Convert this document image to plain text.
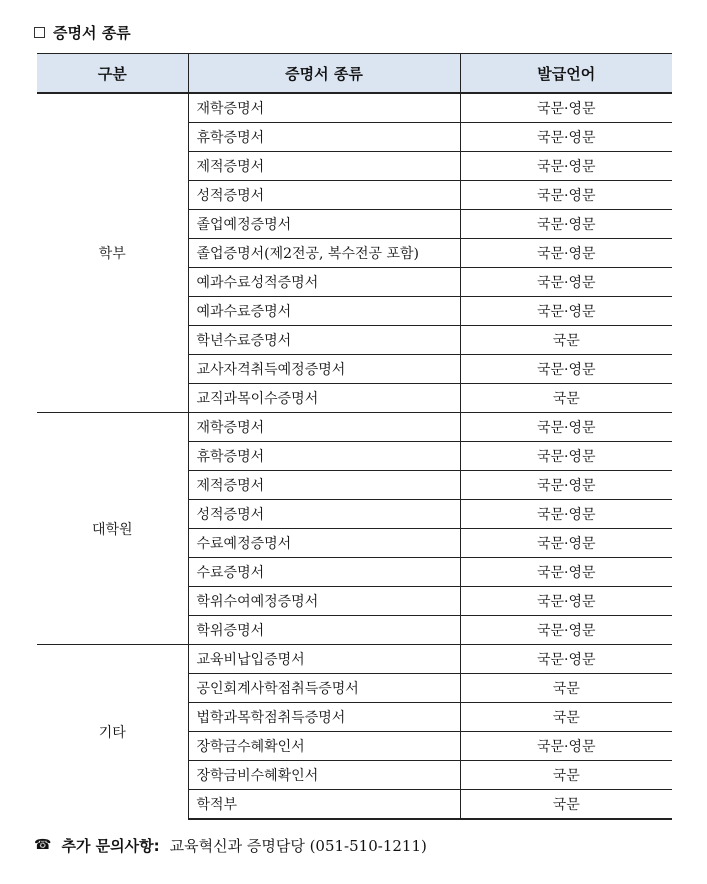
증명서 종류
구분	증명서 종류	발급언어
학부	재학증명서	국문·영문
	휴학증명서	국문·영문
	제적증명서	국문·영문
	성적증명서	국문·영문
	졸업예정증명서	국문·영문
	졸업증명서(제2전공, 복수전공 포함)	국문·영문
	예과수료성적증명서	국문·영문
	예과수료증명서	국문·영문
	학년수료증명서	국문
	교사자격취득예정증명서	국문·영문
	교직과목이수증명서	국문
대학원	재학증명서	국문·영문
	휴학증명서	국문·영문
	제적증명서	국문·영문
	성적증명서	국문·영문
	수료예정증명서	국문·영문
	수료증명서	국문·영문
	학위수여예정증명서	국문·영문
	학위증명서	국문·영문
기타	교육비납입증명서	국문·영문
	공인회계사학점취득증명서	국문
	법학과목학점취득증명서	국문
	장학금수혜확인서	국문·영문
	장학금비수혜확인서	국문
	학적부	국문
☎ 추가 문의사항: 교육혁신과 증명담당 (051-510-1211)
